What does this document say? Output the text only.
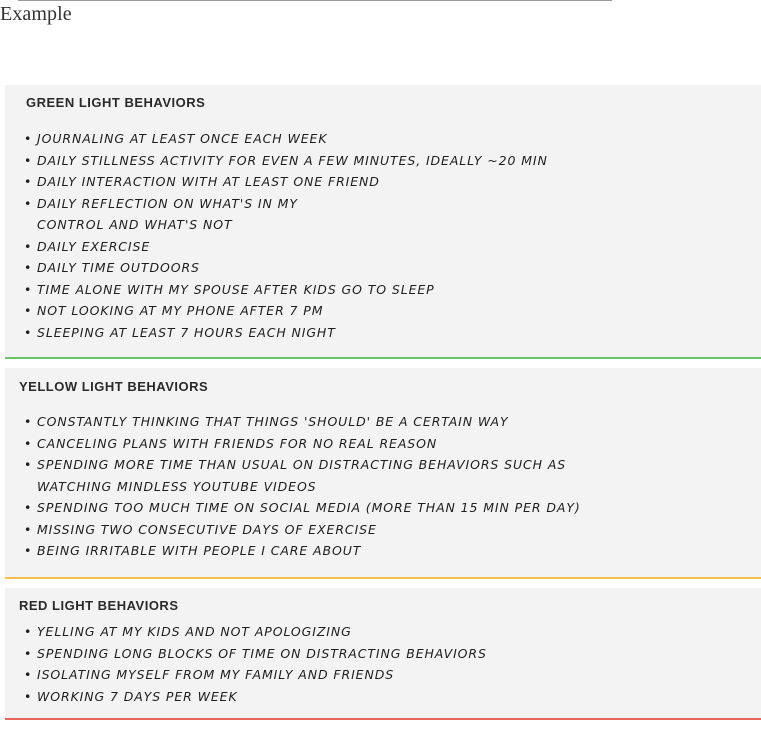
Example
GREEN LIGHT BEHAVIORS
• JOURNALING AT LEAST ONCE EACH WEEK
• DAILY STILLNESS ACTIVITY FOR EVEN A FEW MINUTES, IDEALLY ~20 MIN
• DAILY INTERACTION WITH AT LEAST ONE FRIEND
• DAILY REFLECTION ON WHAT'S IN MY
CONTROL AND WHAT'S NOT
• DAILY EXERCISE
• DAILY TIME OUTDOORS
• TIME ALONE WITH MY SPOUSE AFTER KIDS GO TO SLEEP
• NOT LOOKING AT MY PHONE AFTER 7 PM
• SLEEPING AT LEAST 7 HOURS EACH NIGHT
YELLOW LIGHT BEHAVIORS
• CONSTANTLY THINKING THAT THINGS 'SHOULD' BE A CERTAIN WAY
• CANCELING PLANS WITH FRIENDS FOR NO REAL REASON
• SPENDING MORE TIME THAN USUAL ON DISTRACTING BEHAVIORS SUCH AS
WATCHING MINDLESS YOUTUBE VIDEOS
• SPENDING TOO MUCH TIME ON SOCIAL MEDIA (MORE THAN 15 MIN PER DAY)
• MISSING TWO CONSECUTIVE DAYS OF EXERCISE
• BEING IRRITABLE WITH PEOPLE I CARE ABOUT
RED LIGHT BEHAVIORS
• YELLING AT MY KIDS AND NOT APOLOGIZING
• SPENDING LONG BLOCKS OF TIME ON DISTRACTING BEHAVIORS
• ISOLATING MYSELF FROM MY FAMILY AND FRIENDS
• WORKING 7 DAYS PER WEEK
